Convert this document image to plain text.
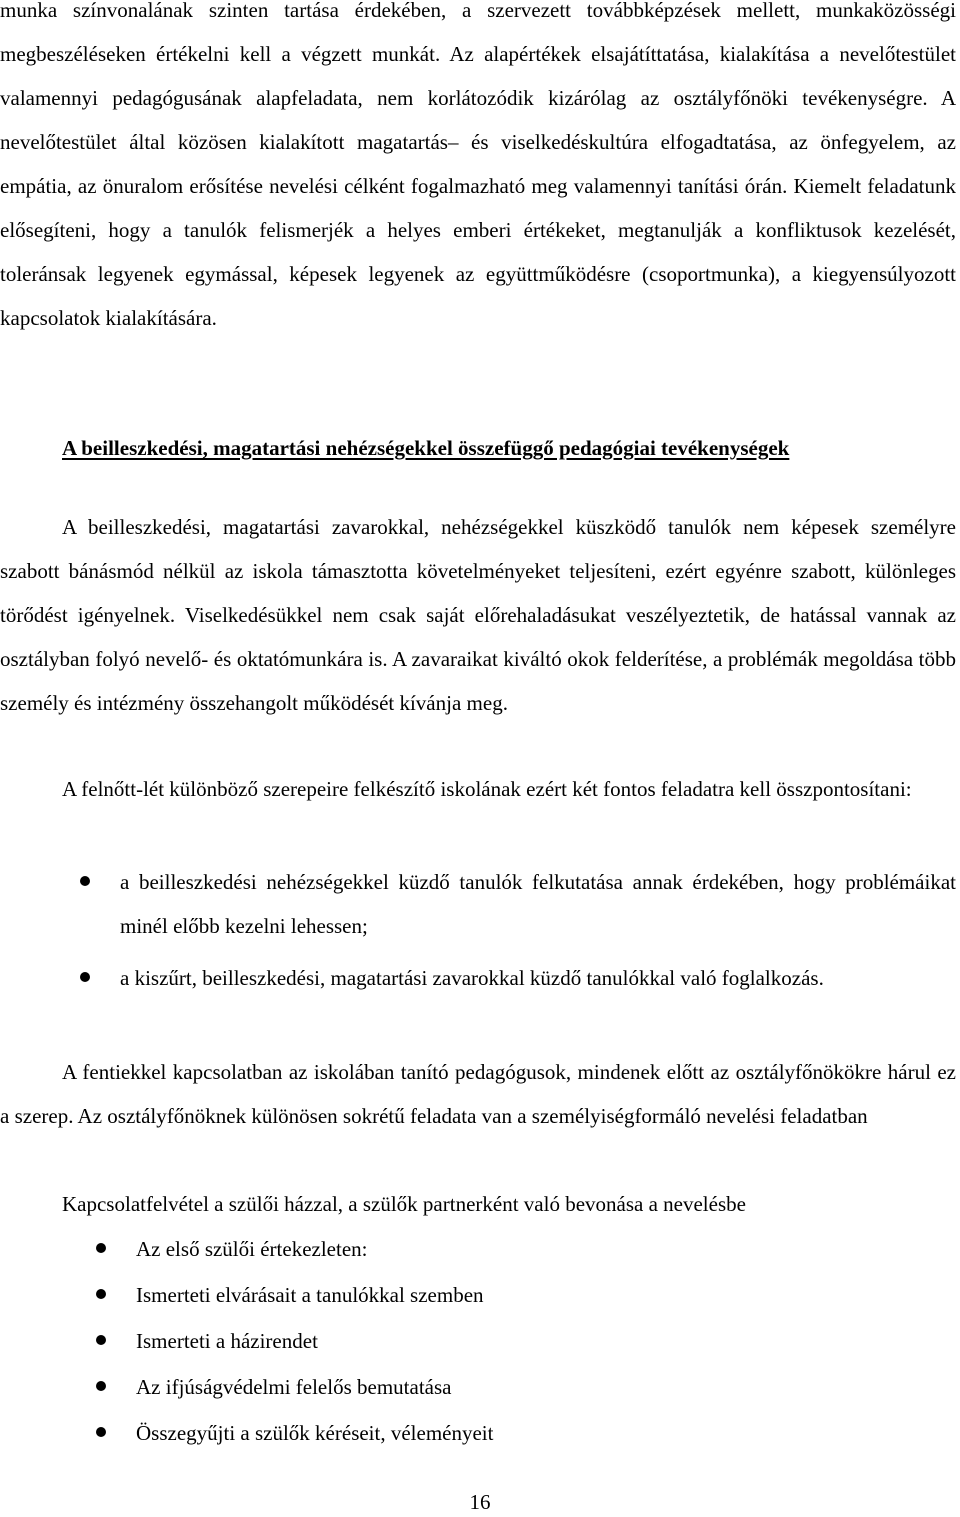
munka színvonalának szinten tartása érdekében, a szervezett továbbképzések mellett, munkaközösségi megbeszéléseken értékelni kell a végzett munkát. Az alapértékek elsajátíttatása, kialakítása a nevelőtestület valamennyi pedagógusának alapfeladata, nem korlátozódik kizárólag az osztályfőnöki tevékenységre. A nevelőtestület által közösen kialakított magatartás– és viselkedéskultúra elfogadtatása, az önfegyelem, az empátia, az önuralom erősítése nevelési célként fogalmazható meg valamennyi tanítási órán. Kiemelt feladatunk elősegíteni, hogy a tanulók felismerjék a helyes emberi értékeket, megtanulják a konfliktusok kezelését, toleránsak legyenek egymással, képesek legyenek az együttműködésre (csoportmunka), a kiegyensúlyozott kapcsolatok kialakítására.

A beilleszkedési, magatartási nehézségekkel összefüggő pedagógiai tevékenységek

A beilleszkedési, magatartási zavarokkal, nehézségekkel küszködő tanulók nem képesek személyre szabott bánásmód nélkül az iskola támasztotta követelményeket teljesíteni, ezért egyénre szabott, különleges törődést igényelnek. Viselkedésükkel nem csak saját előrehaladásukat veszélyeztetik, de hatással vannak az osztályban folyó nevelő- és oktatómunkára is. A zavaraikat kiváltó okok felderítése, a problémák megoldása több személy és intézmény összehangolt működését kívánja meg.

A felnőtt-lét különböző szerepeire felkészítő iskolának ezért két fontos feladatra kell összpontosítani:

a beilleszkedési nehézségekkel küzdő tanulók felkutatása annak érdekében, hogy problémáikat minél előbb kezelni lehessen;
a kiszűrt, beilleszkedési, magatartási zavarokkal küzdő tanulókkal való foglalkozás.

A fentiekkel kapcsolatban az iskolában tanító pedagógusok, mindenek előtt az osztályfőnökökre hárul ez a szerep. Az osztályfőnöknek különösen sokrétű feladata van a személyiségformáló nevelési feladatban

Kapcsolatfelvétel a szülői házzal, a szülők partnerként való bevonása a nevelésbe

Az első szülői értekezleten:
Ismerteti elvárásait a tanulókkal szemben
Ismerteti a házirendet
Az ifjúságvédelmi felelős bemutatása
Összegyűjti a szülők kéréseit, véleményeit

16
